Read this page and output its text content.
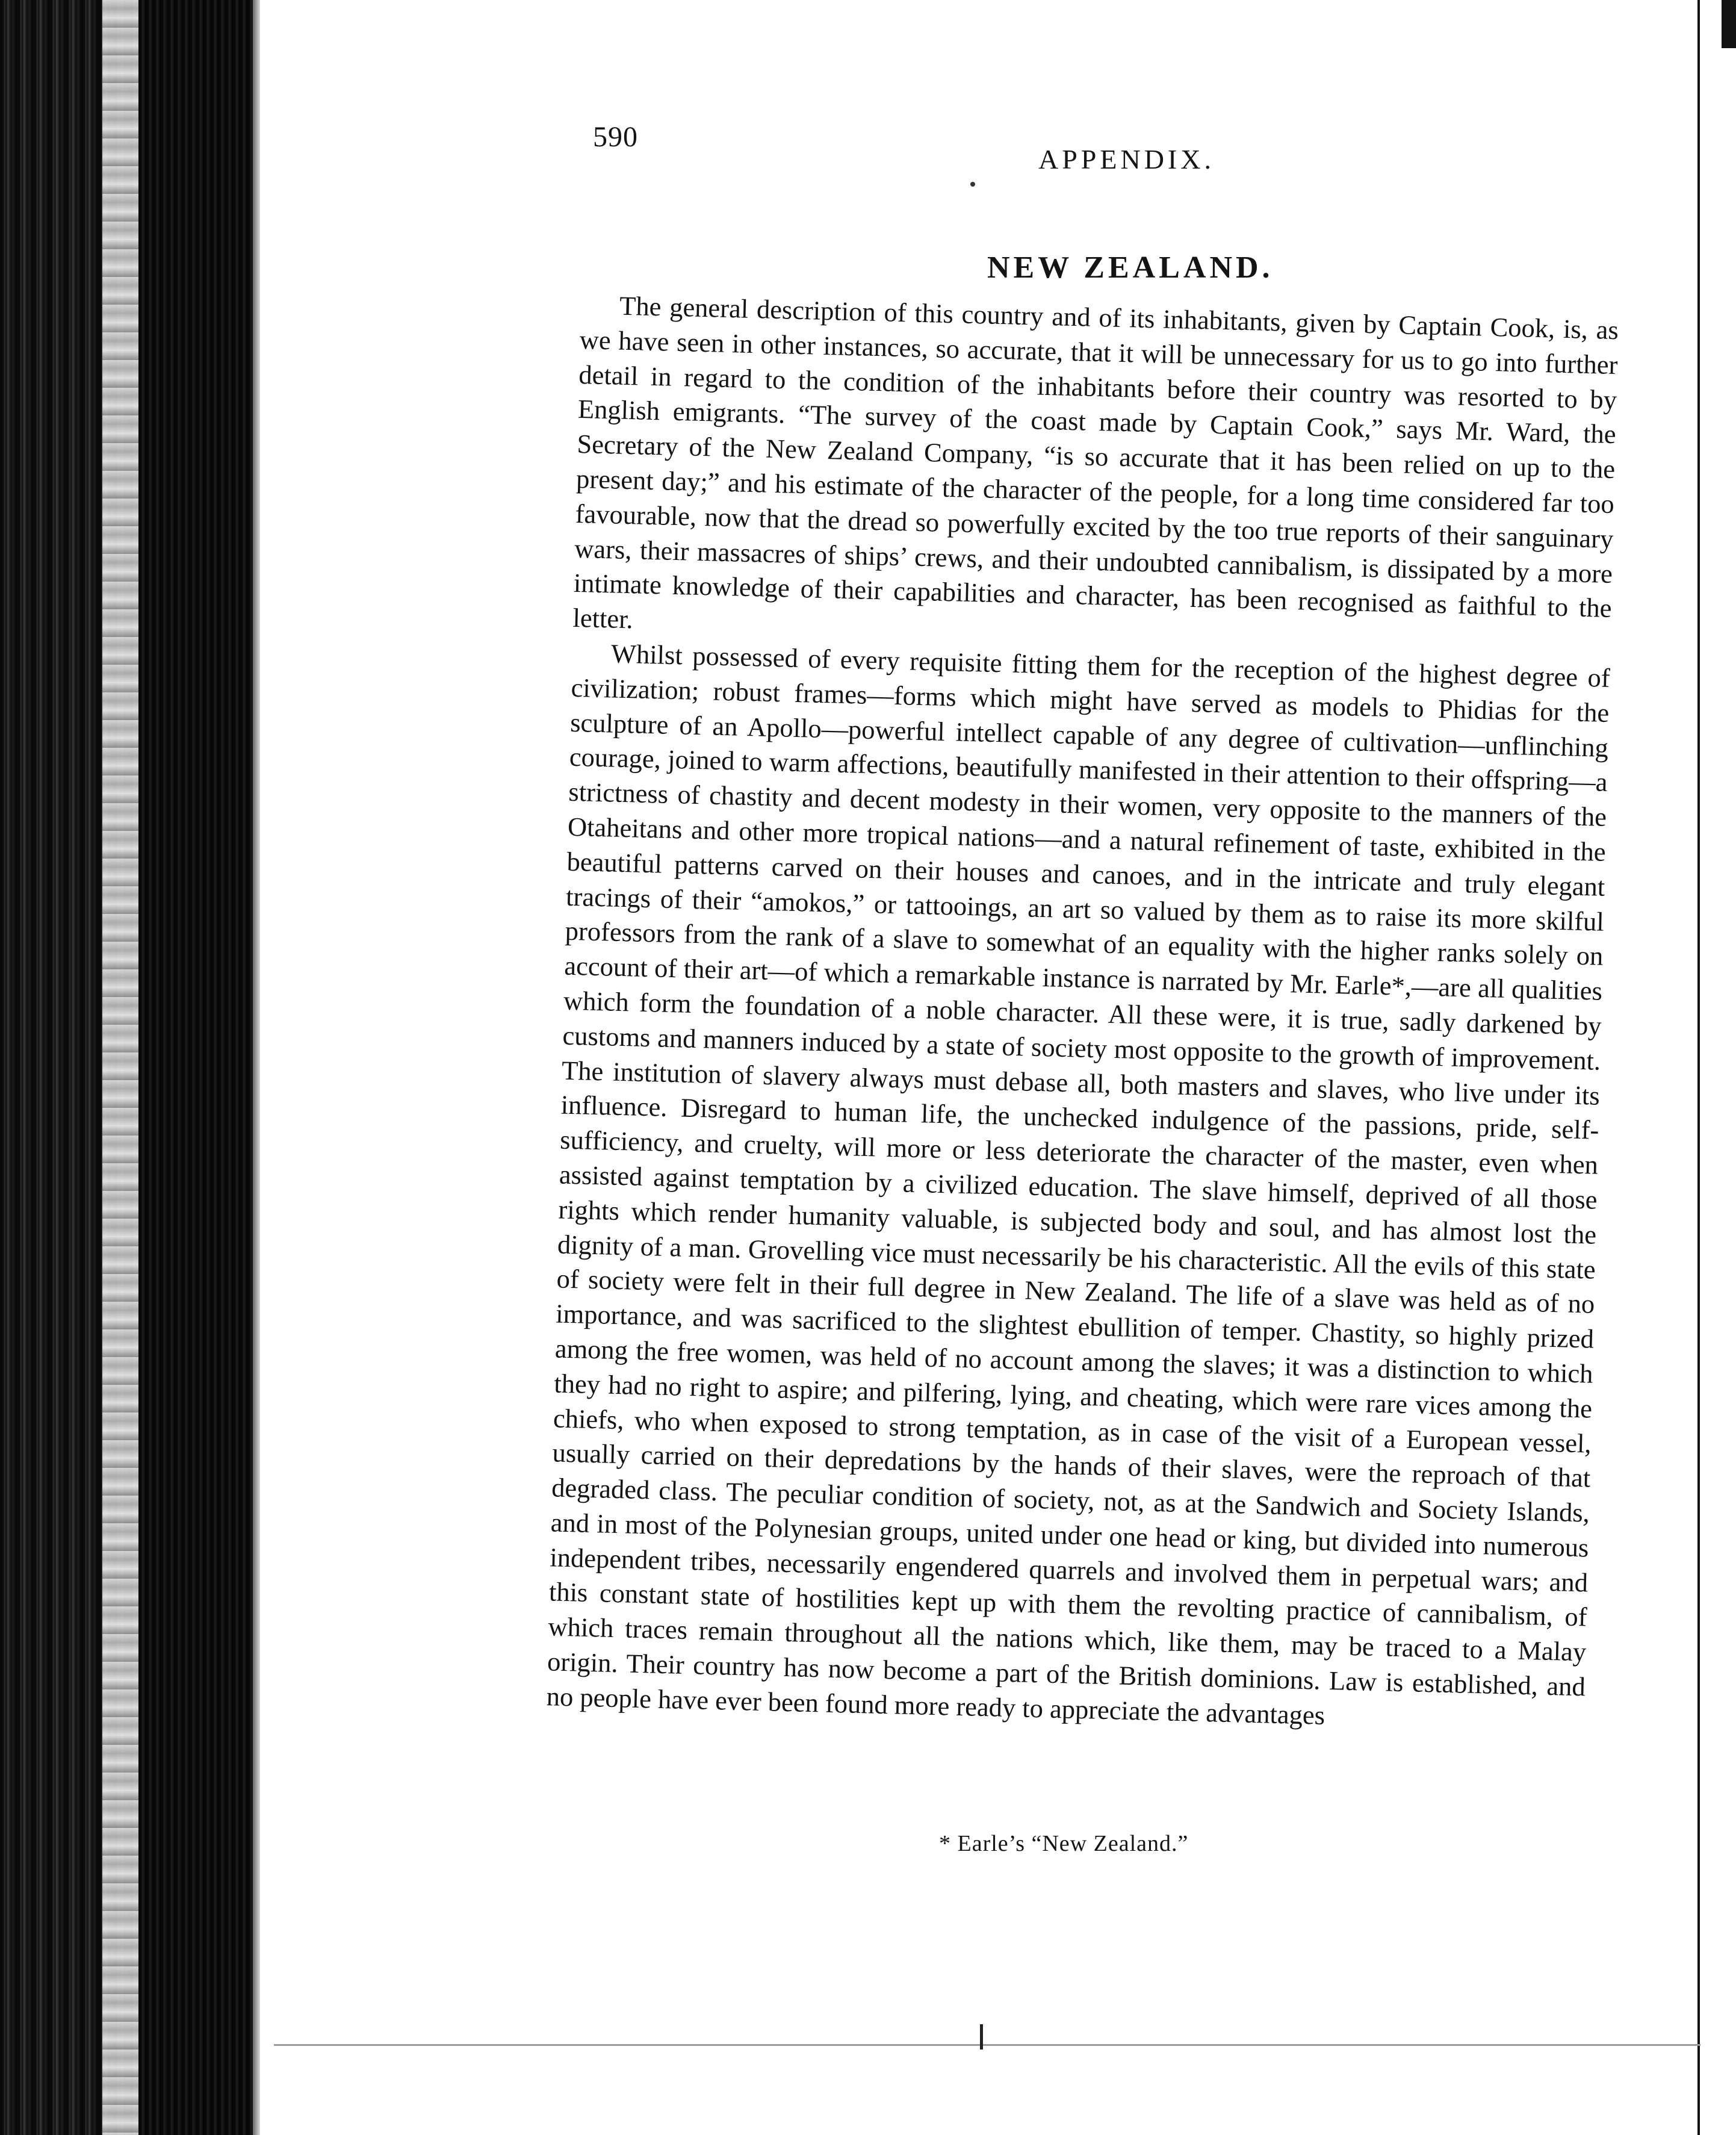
590
APPENDIX.
NEW ZEALAND.

The general description of this country and of its inhabitants, given by Captain Cook, is, as we have seen in other instances, so accurate, that it will be unnecessary for us to go into further detail in regard to the condition of the inhabitants before their country was resorted to by English emigrants. “The survey of the coast made by Captain Cook,” says Mr. Ward, the Secretary of the New Zealand Company, “is so accurate that it has been relied on up to the present day;” and his estimate of the character of the people, for a long time considered far too favourable, now that the dread so powerfully excited by the too true reports of their sanguinary wars, their massacres of ships’ crews, and their undoubted cannibalism, is dissipated by a more intimate knowledge of their capabilities and character, has been recognised as faithful to the letter.

Whilst possessed of every requisite fitting them for the reception of the highest degree of civilization; robust frames—forms which might have served as models to Phidias for the sculpture of an Apollo—powerful intellect capable of any degree of cultivation—unflinching courage, joined to warm affections, beautifully manifested in their attention to their offspring—a strictness of chastity and decent modesty in their women, very opposite to the manners of the Otaheitans and other more tropical nations—and a natural refinement of taste, exhibited in the beautiful patterns carved on their houses and canoes, and in the intricate and truly elegant tracings of their “amokos,” or tattooings, an art so valued by them as to raise its more skilful professors from the rank of a slave to somewhat of an equality with the higher ranks solely on account of their art—of which a remarkable instance is narrated by Mr. Earle*,—are all qualities which form the foundation of a noble character. All these were, it is true, sadly darkened by customs and manners induced by a state of society most opposite to the growth of improvement. The institution of slavery always must debase all, both masters and slaves, who live under its influence. Disregard to human life, the unchecked indulgence of the passions, pride, self-sufficiency, and cruelty, will more or less deteriorate the character of the master, even when assisted against temptation by a civilized education. The slave himself, deprived of all those rights which render humanity valuable, is subjected body and soul, and has almost lost the dignity of a man. Grovelling vice must necessarily be his characteristic. All the evils of this state of society were felt in their full degree in New Zealand. The life of a slave was held as of no importance, and was sacrificed to the slightest ebullition of temper. Chastity, so highly prized among the free women, was held of no account among the slaves; it was a distinction to which they had no right to aspire; and pilfering, lying, and cheating, which were rare vices among the chiefs, who when exposed to strong temptation, as in case of the visit of a European vessel, usually carried on their depredations by the hands of their slaves, were the reproach of that degraded class. The peculiar condition of society, not, as at the Sandwich and Society Islands, and in most of the Polynesian groups, united under one head or king, but divided into numerous independent tribes, necessarily engendered quarrels and involved them in perpetual wars; and this constant state of hostilities kept up with them the revolting practice of cannibalism, of which traces remain throughout all the nations which, like them, may be traced to a Malay origin. Their country has now become a part of the British dominions. Law is established, and no people have ever been found more ready to appreciate the advantages

* Earle’s “New Zealand.”
